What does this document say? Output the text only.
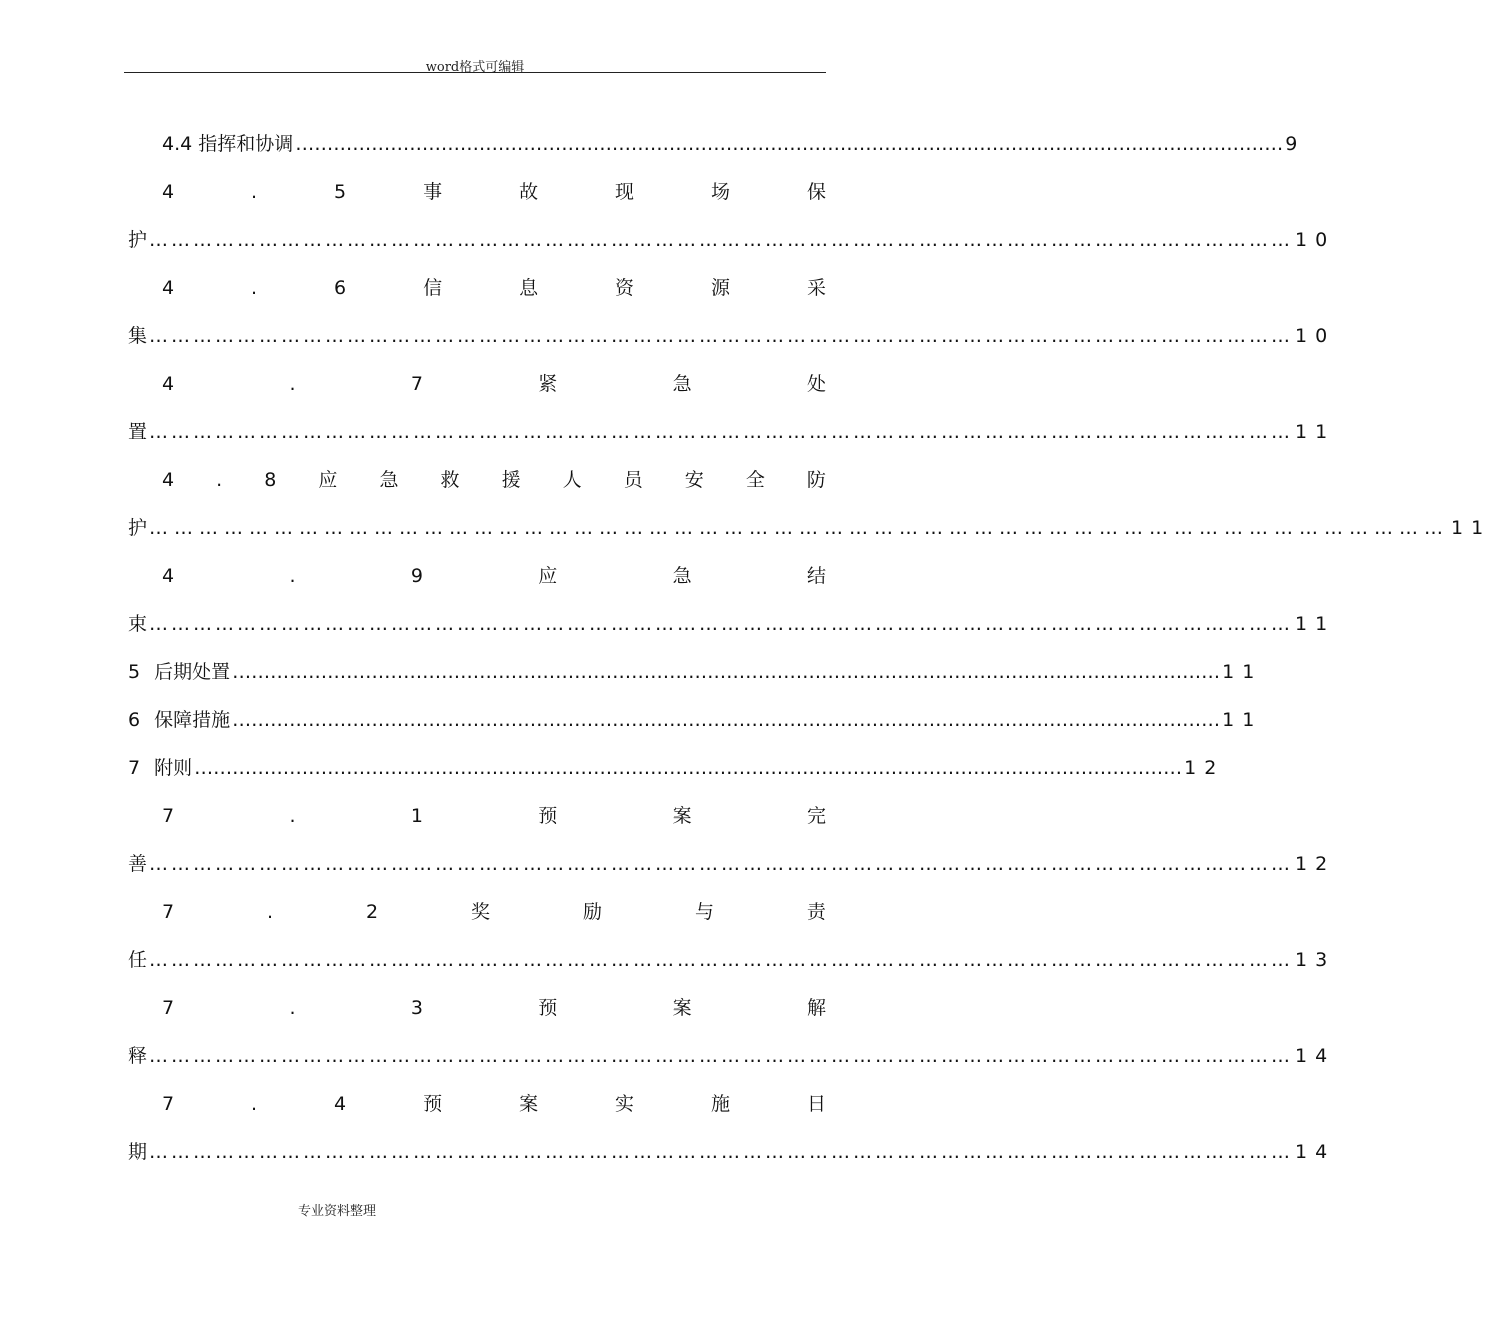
word格式可编辑
4.4 指挥和协调 ………………………………………………………………………………………………………………………………………… 9
4	.	5	事	故	现	场	保
护 ………………………………………………………………………………………………………………………………………… 10
4	.	6	信	息	资	源	采
集 ………………………………………………………………………………………………………………………………………… 10
4	.	7	紧	急	处
置 ………………………………………………………………………………………………………………………………………… 11
4 . 8 应 急 救 援 人 员 安 全 防
护 ………………………………………………………………………………………………………………………………………… 11
4	.	9	应	急	结
束 ………………………………………………………………………………………………………………………………………… 11
5 后期处置 ………………………………………………………………………………………………………………………………………… 11
6 保障措施 ………………………………………………………………………………………………………………………………………… 11
7 附则 ………………………………………………………………………………………………………………………………………… 12
7	.	1	预	案	完
善 ………………………………………………………………………………………………………………………………………… 12
7	.	2	奖	励	与	责
任 ………………………………………………………………………………………………………………………………………… 13
7	.	3	预	案	解
释 ………………………………………………………………………………………………………………………………………… 14
7	.	4	预	案	实	施	日
期 ………………………………………………………………………………………………………………………………………… 14
专业资料整理
